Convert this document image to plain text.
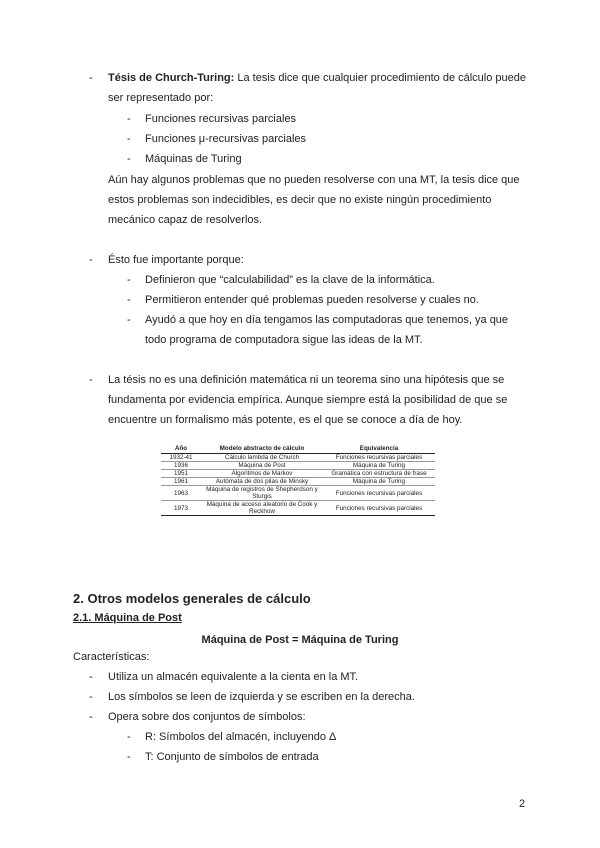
- Tésis de Church-Turing: La tesis dice que cualquier procedimiento de cálculo puede
ser representado por:
- Funciones recursivas parciales
- Funciones μ-recursivas parciales
- Máquinas de Turing
Aún hay algunos problemas que no pueden resolverse con una MT, la tesis dice que
estos problemas son indecidibles, es decir que no existe ningún procedimiento
mecánico capaz de resolverlos.
- Ésto fue importante porque:
- Definieron que “calculabilidad” es la clave de la informática.
- Permitieron entender qué problemas pueden resolverse y cuales no.
- Ayudó a que hoy en día tengamos las computadoras que tenemos, ya que
todo programa de computadora sigue las ideas de la MT.
- La tésis no es una definición matemática ni un teorema sino una hipótesis que se
fundamenta por evidencia empírica. Aunque siempre está la posibilidad de que se
encuentre un formalismo más potente, es el que se conoce a día de hoy.
Año	Modelo abstracto de cálculo	Equivalencia
1932-41	Cálculo lambda de Church	Funciones recursivas parciales
1936	Máquina de Post	Máquina de Turing
1951	Algoritmos de Markov	Gramática con estructura de frase
1961	Autómata de dos pilas de Minsky	Máquina de Turing
1963	Máquina de registros de Shepherdson y Sturgis	Funciones recursivas parciales
1973	Máquina de acceso aleatorio de Cook y Reckhow	Funciones recursivas parciales
2. Otros modelos generales de cálculo
2.1. Máquina de Post
Máquina de Post = Máquina de Turing
Características:
- Utiliza un almacén equivalente a la cienta en la MT.
- Los símbolos se leen de izquierda y se escriben en la derecha.
- Opera sobre dos conjuntos de símbolos:
- R: Símbolos del almacén, incluyendo Δ
- T: Conjunto de símbolos de entrada
2
